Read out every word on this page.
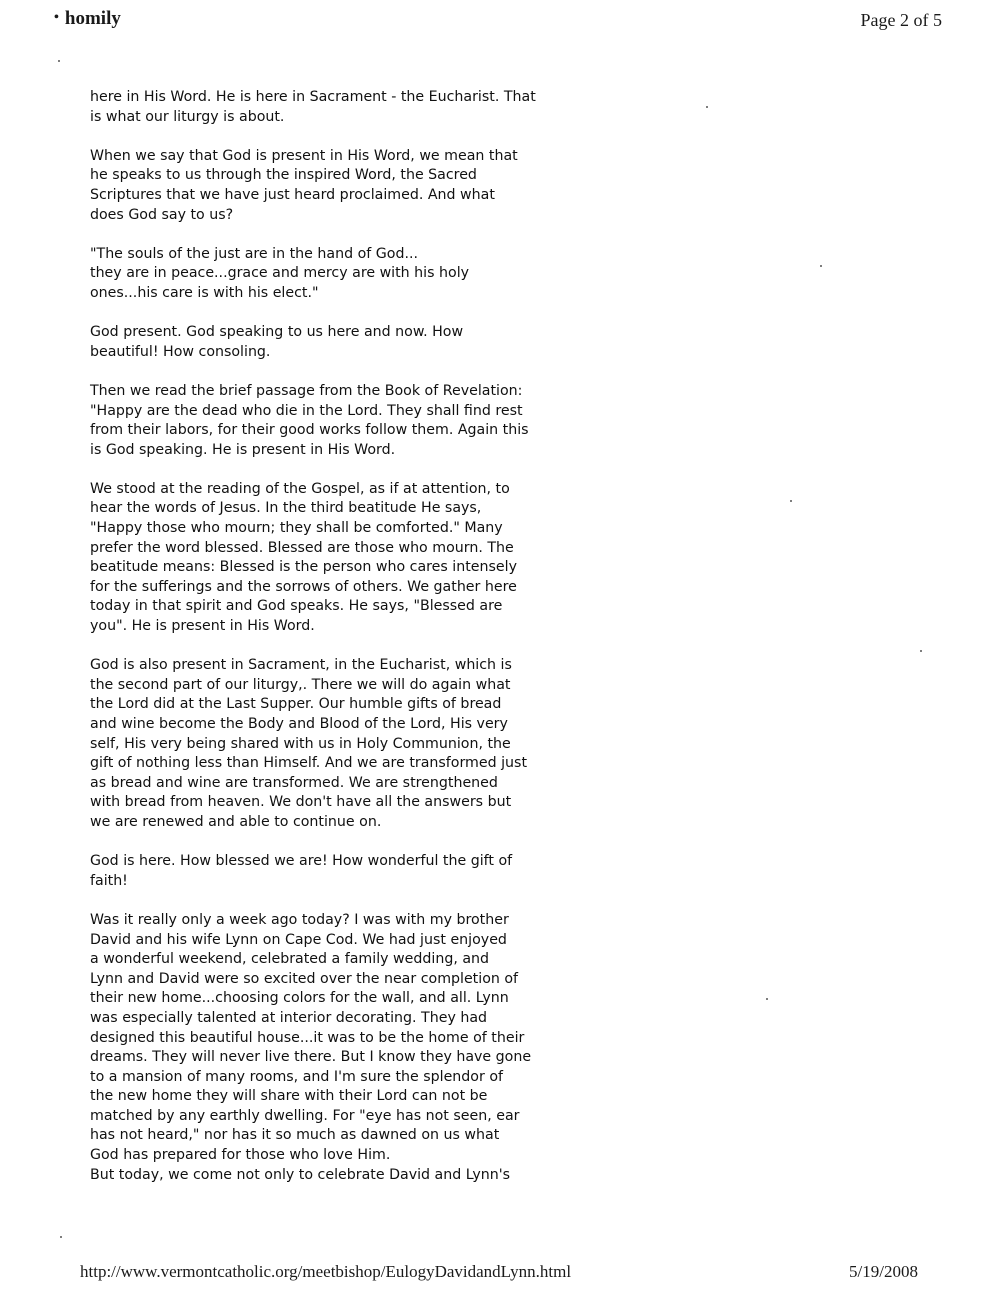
• homily	Page 2 of 5

here in His Word. He is here in Sacrament - the Eucharist. That
is what our liturgy is about.

When we say that God is present in His Word, we mean that
he speaks to us through the inspired Word, the Sacred
Scriptures that we have just heard proclaimed. And what
does God say to us?

"The souls of the just are in the hand of God...
they are in peace...grace and mercy are with his holy
ones...his care is with his elect."

God present. God speaking to us here and now. How
beautiful! How consoling.

Then we read the brief passage from the Book of Revelation:
"Happy are the dead who die in the Lord. They shall find rest
from their labors, for their good works follow them. Again this
is God speaking. He is present in His Word.

We stood at the reading of the Gospel, as if at attention, to
hear the words of Jesus. In the third beatitude He says,
"Happy those who mourn; they shall be comforted." Many
prefer the word blessed. Blessed are those who mourn. The
beatitude means: Blessed is the person who cares intensely
for the sufferings and the sorrows of others. We gather here
today in that spirit and God speaks. He says, "Blessed are
you". He is present in His Word.

God is also present in Sacrament, in the Eucharist, which is
the second part of our liturgy,. There we will do again what
the Lord did at the Last Supper. Our humble gifts of bread
and wine become the Body and Blood of the Lord, His very
self, His very being shared with us in Holy Communion, the
gift of nothing less than Himself. And we are transformed just
as bread and wine are transformed. We are strengthened
with bread from heaven. We don't have all the answers but
we are renewed and able to continue on.

God is here. How blessed we are! How wonderful the gift of
faith!

Was it really only a week ago today? I was with my brother
David and his wife Lynn on Cape Cod. We had just enjoyed
a wonderful weekend, celebrated a family wedding, and
Lynn and David were so excited over the near completion of
their new home...choosing colors for the wall, and all. Lynn
was especially talented at interior decorating. They had
designed this beautiful house...it was to be the home of their
dreams. They will never live there. But I know they have gone
to a mansion of many rooms, and I'm sure the splendor of
the new home they will share with their Lord can not be
matched by any earthly dwelling. For "eye has not seen, ear
has not heard," nor has it so much as dawned on us what
God has prepared for those who love Him.

But today, we come not only to celebrate David and Lynn's

http://www.vermontcatholic.org/meetbishop/EulogyDavidandLynn.html	5/19/2008
